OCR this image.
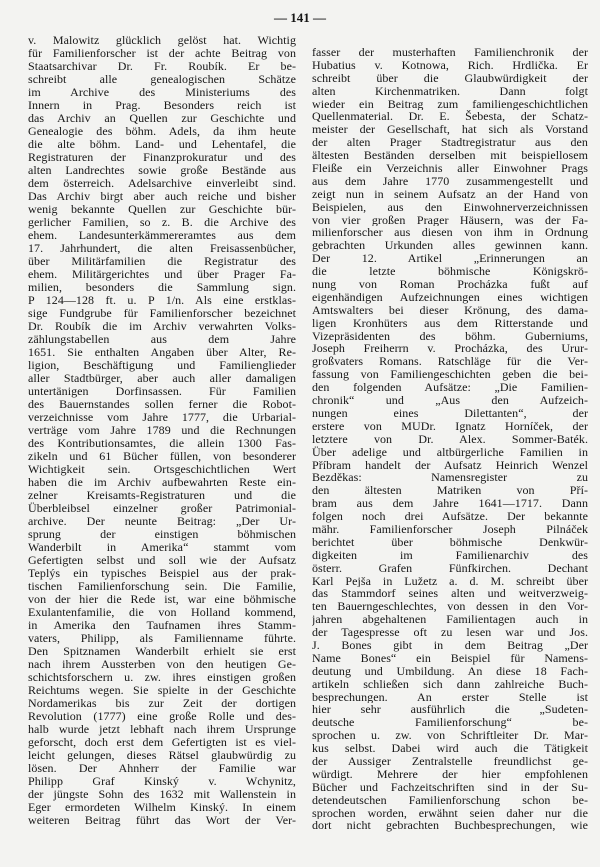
— 141 —
v. Malowitz glücklich gelöst hat. Wichtig
für Familienforscher ist der achte Beitrag von
Staatsarchivar Dr. Fr. Roubík. Er be-
schreibt alle genealogischen Schätze
im Archive des Ministeriums des
Innern in Prag. Besonders reich ist
das Archiv an Quellen zur Geschichte und
Genealogie des böhm. Adels, da ihm heute
die alte böhm. Land- und Lehentafel, die
Registraturen der Finanzprokuratur und des
alten Landrechtes sowie große Bestände aus
dem österreich. Adelsarchive einverleibt sind.
Das Archiv birgt aber auch reiche und bisher
wenig bekannte Quellen zur Geschichte bür-
gerlicher Familien, so z. B. die Archive des
ehem. Landesunterkämmereramtes aus dem
17. Jahrhundert, die alten Freisassenbücher,
über Militärfamilien die Registratur des
ehem. Militärgerichtes und über Prager Fa-
milien, besonders die Sammlung sign.
P 124—128 ft. u. P 1/n. Als eine erstklas-
sige Fundgrube für Familienforscher bezeichnet
Dr. Roubík die im Archiv verwahrten Volks-
zählungstabellen aus dem Jahre
1651. Sie enthalten Angaben über Alter, Re-
ligion, Beschäftigung und Familienglieder
aller Stadtbürger, aber auch aller damaligen
untertänigen Dorfinsassen. Für Familien
des Bauernstandes sollen ferner die Robot-
verzeichnisse vom Jahre 1777, die Urbarial-
verträge vom Jahre 1789 und die Rechnungen
des Kontributionsamtes, die allein 1300 Fas-
zikeln und 61 Bücher füllen, von besonderer
Wichtigkeit sein. Ortsgeschichtlichen Wert
haben die im Archiv aufbewahrten Reste ein-
zelner Kreisamts-Registraturen und die
Überbleibsel einzelner großer Patrimonial-
archive. Der neunte Beitrag: „Der Ur-
sprung der einstigen böhmischen
Wanderbilt in Amerika“ stammt vom
Gefertigten selbst und soll wie der Aufsatz
Teplýs ein typisches Beispiel aus der prak-
tischen Familienforschung sein. Die Familie,
von der hier die Rede ist, war eine böhmische
Exulantenfamilie, die von Holland kommend,
in Amerika den Taufnamen ihres Stamm-
vaters, Philipp, als Familienname führte.
Den Spitznamen Wanderbilt erhielt sie erst
nach ihrem Aussterben von den heutigen Ge-
schichtsforschern u. zw. ihres einstigen großen
Reichtums wegen. Sie spielte in der Geschichte
Nordamerikas bis zur Zeit der dortigen
Revolution (1777) eine große Rolle und des-
halb wurde jetzt lebhaft nach ihrem Ursprunge
geforscht, doch erst dem Gefertigten ist es viel-
leicht gelungen, dieses Rätsel glaubwürdig zu
lösen. Der Ahnherr der Familie war
Philipp Graf Kinský v. Wchynitz,
der jüngste Sohn des 1632 mit Wallenstein in
Eger ermordeten Wilhelm Kinský. In einem
weiteren Beitrag führt das Wort der Ver-
fasser der musterhaften Familienchronik der
Hubatius v. Kotnowa, Rich. Hrdlička. Er
schreibt über die Glaubwürdigkeit der
alten Kirchenmatriken. Dann folgt
wieder ein Beitrag zum familiengeschichtlichen
Quellenmaterial. Dr. E. Šebesta, der Schatz-
meister der Gesellschaft, hat sich als Vorstand
der alten Prager Stadtregistratur aus den
ältesten Beständen derselben mit beispiellosem
Fleiße ein Verzeichnis aller Einwohner Prags
aus dem Jahre 1770 zusammengestellt und
zeigt nun in seinem Aufsatz an der Hand von
Beispielen, aus den Einwohnerverzeichnissen
von vier großen Prager Häusern, was der Fa-
milienforscher aus diesen von ihm in Ordnung
gebrachten Urkunden alles gewinnen kann.
Der 12. Artikel „Erinnerungen an
die letzte böhmische Königskrö-
nung von Roman Procházka fußt auf
eigenhändigen Aufzeichnungen eines wichtigen
Amtswalters bei dieser Krönung, des dama-
ligen Kronhüters aus dem Ritterstande und
Vizepräsidenten des böhm. Guberniums,
Joseph Freiherrn v. Procházka, des Urur-
großvaters Romans. Ratschläge für die Ver-
fassung von Familiengeschichten geben die bei-
den folgenden Aufsätze: „Die Familien-
chronik“ und „Aus den Aufzeich-
nungen eines Dilettanten“, der
erstere von MUDr. Ignatz Horníček, der
letztere von Dr. Alex. Sommer-Baték.
Über adelige und altbürgerliche Familien in
Příbram handelt der Aufsatz Heinrich Wenzel
Bezděkas: Namensregister zu
den ältesten Matriken von Pří-
bram aus dem Jahre 1641—1717. Dann
folgen noch drei Aufsätze. Der bekannte
mähr. Familienforscher Joseph Pilnáček
berichtet über böhmische Denkwür-
digkeiten im Familienarchiv des
österr. Grafen Fünfkirchen. Dechant
Karl Pejša in Lužetz a. d. M. schreibt über
das Stammdorf seines alten und weitverzweig-
ten Bauerngeschlechtes, von dessen in den Vor-
jahren abgehaltenen Familientagen auch in
der Tagespresse oft zu lesen war und Jos.
J. Bones gibt in dem Beitrag „Der
Name Bones“ ein Beispiel für Namens-
deutung und Umbildung. An diese 18 Fach-
artikeln schließen sich dann zahlreiche Buch-
besprechungen. An erster Stelle ist
hier sehr ausführlich die „Sudeten-
deutsche Familienforschung“ be-
sprochen u. zw. von Schriftleiter Dr. Mar-
kus selbst. Dabei wird auch die Tätigkeit
der Aussiger Zentralstelle freundlichst ge-
würdigt. Mehrere der hier empfohlenen
Bücher und Fachzeitschriften sind in der Su-
detendeutschen Familienforschung schon be-
sprochen worden, erwähnt seien daher nur die
dort nicht gebrachten Buchbesprechungen, wie
